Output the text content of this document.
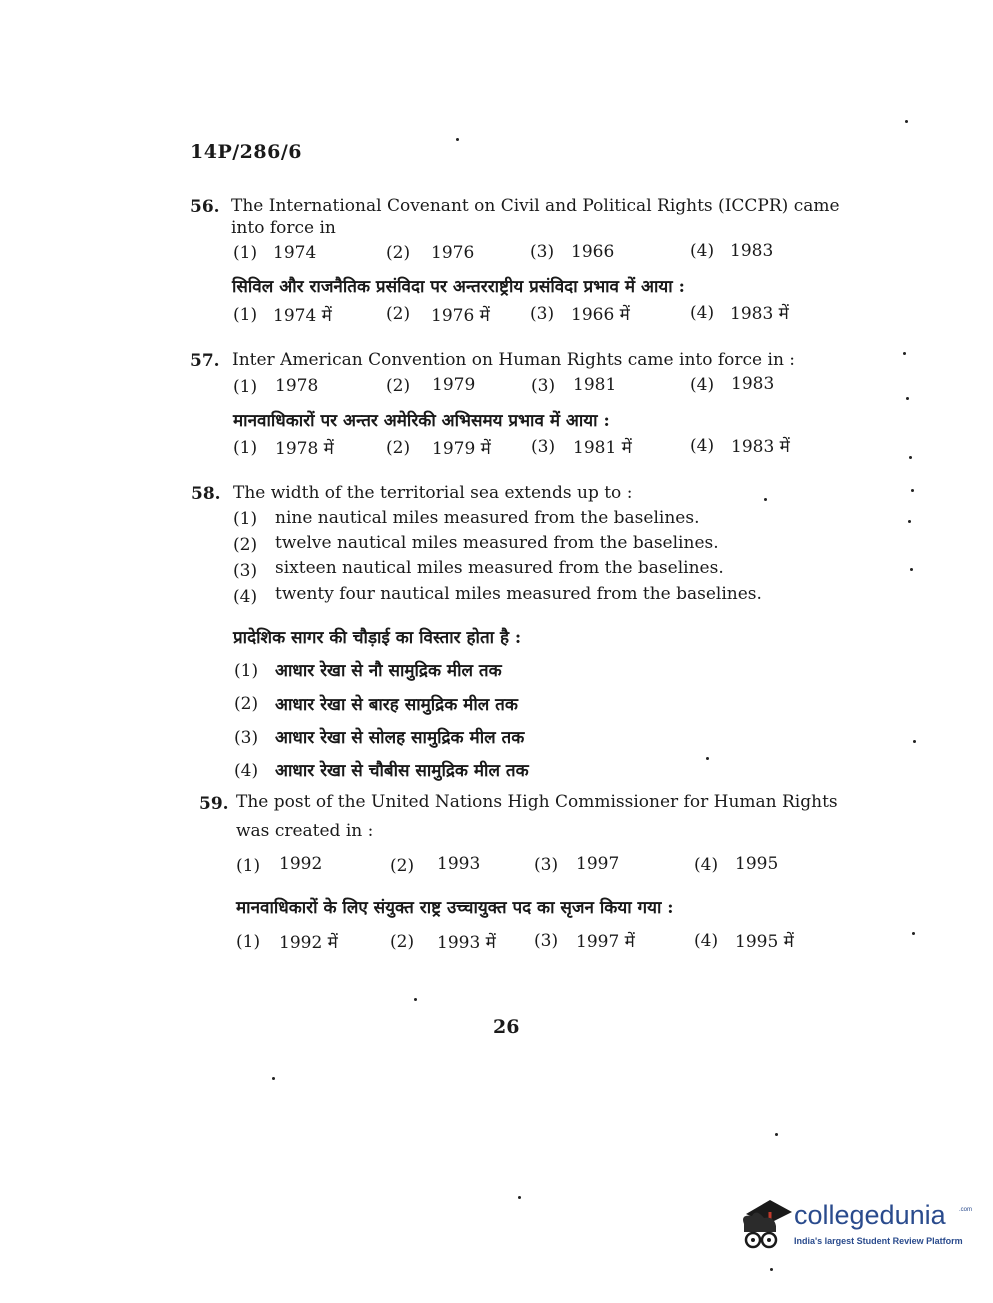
14P/286/6
56. The International Covenant on Civil and Political Rights (ICCPR) came
into force in
(1) 1974	(2) 1976	(3) 1966	(4) 1983
सिविल और राजनैतिक प्रसंविदा पर अन्तरराष्ट्रीय प्रसंविदा प्रभाव में आया :
(1) 1974 में	(2) 1976 में (3) 1966 में	(4) 1983 में
57. Inter American Convention on Human Rights came into force in :
(1) 1978	(2) 1979	(3) 1981	(4) 1983
मानवाधिकारों पर अन्तर अमेरिकी अभिसमय प्रभाव में आया :
(1) 1978 में	(2) 1979 में (3) 1981 में	(4) 1983 में
58. The width of the territorial sea extends up to :
(1) nine nautical miles measured from the baselines.
(2) twelve nautical miles measured from the baselines.
(3) sixteen nautical miles measured from the baselines.
(4) twenty four nautical miles measured from the baselines.
प्रादेशिक सागर की चौड़ाई का विस्तार होता है :
(1) आधार रेखा से नौ सामुद्रिक मील तक
(2) आधार रेखा से बारह सामुद्रिक मील तक
(3) आधार रेखा से सोलह सामुद्रिक मील तक
(4) आधार रेखा से चौबीस सामुद्रिक मील तक
59. The post of the United Nations High Commissioner for Human Rights
was created in :
(1) 1992	(2) 1993	(3) 1997	(4) 1995
मानवाधिकारों के लिए संयुक्त राष्ट्र उच्चायुक्त पद का सृजन किया गया :
(1) 1992 में	(2) 1993 में (3) 1997 में	(4) 1995 में
26
collegedunia .com
India's largest Student Review Platform
